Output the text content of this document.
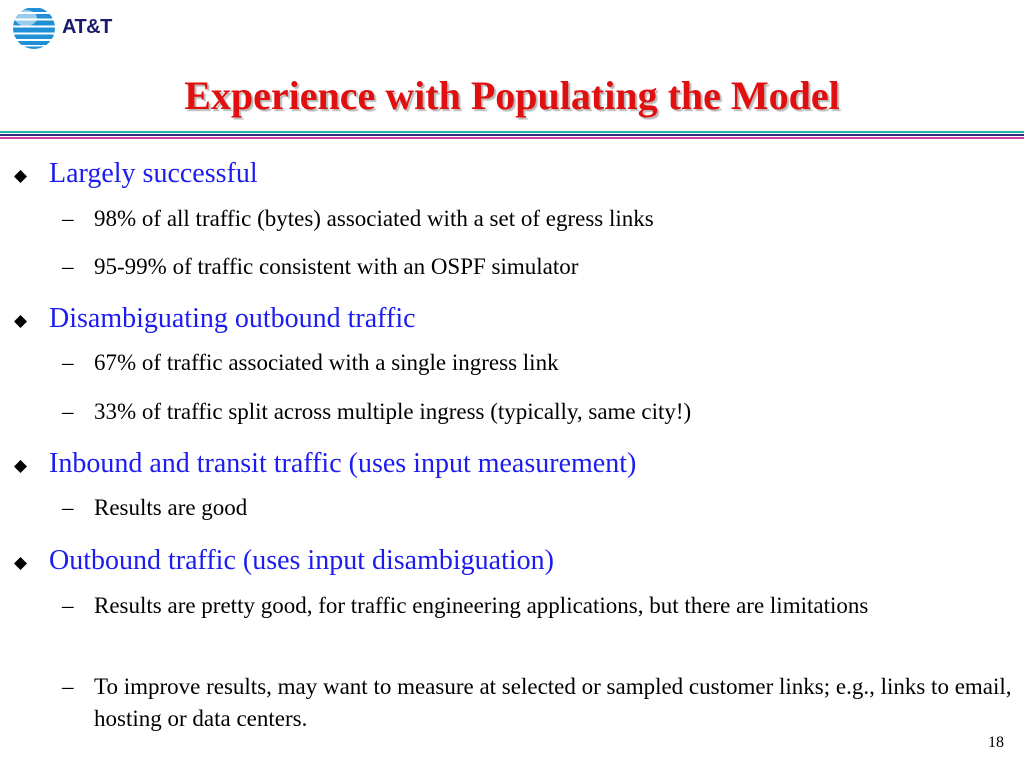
AT&T
Experience with Populating the Model
Largely successful
– 98% of all traffic (bytes) associated with a set of egress links
– 95-99% of traffic consistent with an OSPF simulator
Disambiguating outbound traffic
– 67% of traffic associated with a single ingress link
– 33% of traffic split across multiple ingress (typically, same city!)
Inbound and transit traffic (uses input measurement)
– Results are good
Outbound traffic (uses input disambiguation)
– Results are pretty good, for traffic engineering applications, but there are limitations
– To improve results, may want to measure at selected or sampled customer links; e.g., links to email, hosting or data centers.
18
